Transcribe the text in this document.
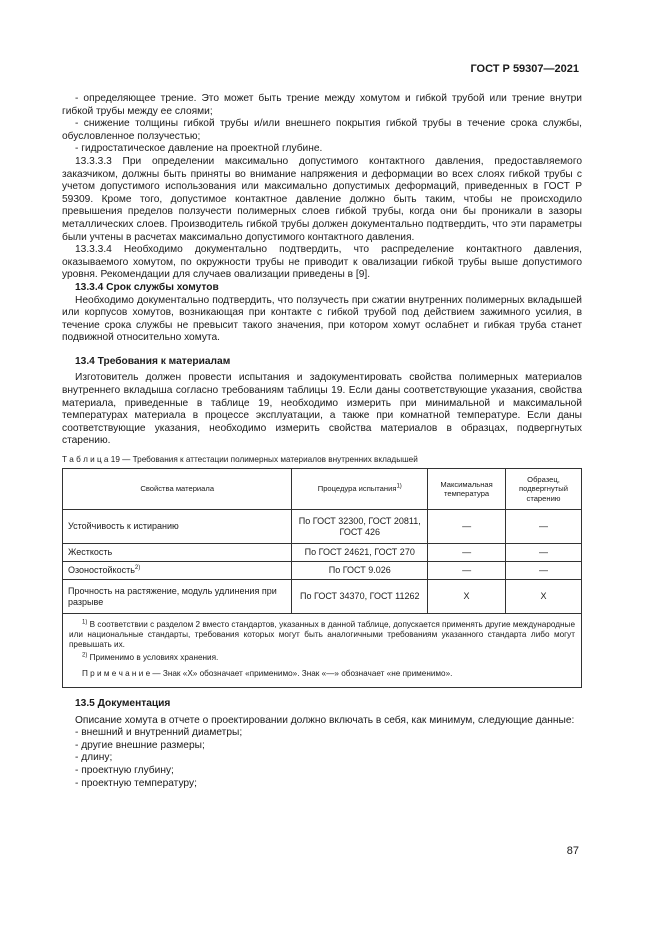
ГОСТ Р 59307—2021

- определяющее трение. Это может быть трение между хомутом и гибкой трубой или трение внутри гибкой трубы между ее слоями;

- снижение толщины гибкой трубы и/или внешнего покрытия гибкой трубы в течение срока службы, обусловленное ползучестью;

- гидростатическое давление на проектной глубине.

13.3.3.3 При определении максимально допустимого контактного давления, предоставляемого заказчиком, должны быть приняты во внимание напряжения и деформации во всех слоях гибкой трубы с учетом допустимого использования или максимально допустимых деформаций, приведенных в ГОСТ Р 59309. Кроме того, допустимое контактное давление должно быть таким, чтобы не происходило превышения пределов ползучести полимерных слоев гибкой трубы, когда они бы проникали в зазоры металлических слоев. Производитель гибкой трубы должен документально подтвердить, что эти параметры были учтены в расчетах максимально допустимого контактного давления.

13.3.3.4 Необходимо документально подтвердить, что распределение контактного давления, оказываемого хомутом, по окружности трубы не приводит к овализации гибкой трубы выше допустимого уровня. Рекомендации для случаев овализации приведены в [9].

13.3.4 Срок службы хомутов

Необходимо документально подтвердить, что ползучесть при сжатии внутренних полимерных вкладышей или корпусов хомутов, возникающая при контакте с гибкой трубой под действием зажимного усилия, в течение срока службы не превысит такого значения, при котором хомут ослабнет и гибкая труба станет подвижной относительно хомута.

13.4 Требования к материалам

Изготовитель должен провести испытания и задокументировать свойства полимерных материалов внутреннего вкладыша согласно требованиям таблицы 19. Если даны соответствующие указания, свойства материала, приведенные в таблице 19, необходимо измерить при минимальной и максимальной температурах материала в процессе эксплуатации, а также при комнатной температуре. Если даны соответствующие указания, необходимо измерить свойства материалов в образцах, подвергнутых старению.

Т а б л и ц а 19 — Требования к аттестации полимерных материалов внутренних вкладышей

Свойства материала	Процедура испытания$^{1)}$	Максимальная температура	Образец, подвергнутый старению
Устойчивость к истиранию	По ГОСТ 32300, ГОСТ 20811, ГОСТ 426	—	—
Жесткость	По ГОСТ 24621, ГОСТ 270	—	—
Озоностойкость$^{2)}$	По ГОСТ 9.026	—	—
Прочность на растяжение, модуль удлинения при разрыве	По ГОСТ 34370, ГОСТ 11262	X	X

$^{1)}$ В соответствии с разделом 2 вместо стандартов, указанных в данной таблице, допускается применять другие международные или национальные стандарты, требования которых могут быть аналогичными требованиям указанного стандарта либо могут превышать их.

$^{2)}$ Применимо в условиях хранения.

П р и м е ч а н и е — Знак «X» обозначает «применимо». Знак «—» обозначает «не применимо».			

13.5 Документация

Описание хомута в отчете о проектировании должно включать в себя, как минимум, следующие данные:

- внешний и внутренний диаметры;

- другие внешние размеры;

- длину;

- проектную глубину;

- проектную температуру;

87
